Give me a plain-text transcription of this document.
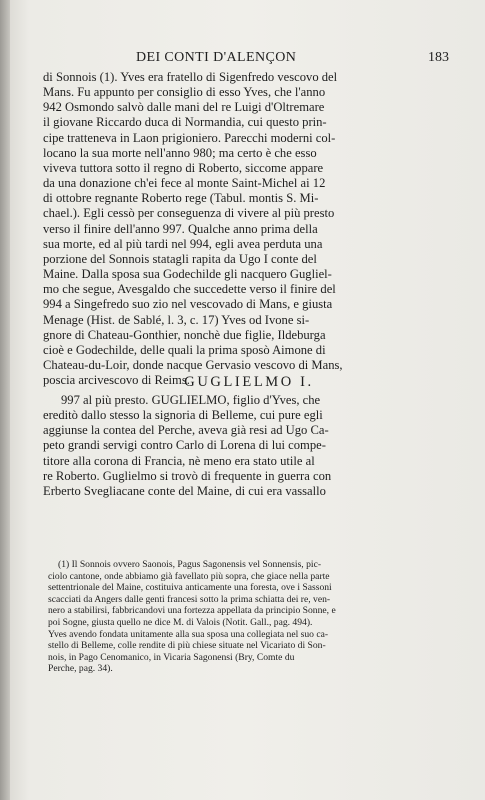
DEI CONTI D'ALENÇON	183
di Sonnois (1). Yves era fratello di Sigenfredo vescovo del
Mans. Fu appunto per consiglio di esso Yves, che l'anno
942 Osmondo salvò dalle mani del re Luigi d'Oltremare
il giovane Riccardo duca di Normandia, cui questo prin-
cipe tratteneva in Laon prigioniero. Parecchi moderni col-
locano la sua morte nell'anno 980; ma certo è che esso
viveva tuttora sotto il regno di Roberto, siccome appare
da una donazione ch'ei fece al monte Saint-Michel ai 12
di ottobre regnante Roberto rege (Tabul. montis S. Mi-
chael.). Egli cessò per conseguenza di vivere al più presto
verso il finire dell'anno 997. Qualche anno prima della
sua morte, ed al più tardi nel 994, egli avea perduta una
porzione del Sonnois statagli rapita da Ugo I conte del
Maine. Dalla sposa sua Godechilde gli nacquero Gugliel-
mo che segue, Avesgaldo che succedette verso il finire del
994 a Singefredo suo zio nel vescovado di Mans, e giusta
Menage (Hist. de Sablé, l. 3, c. 17) Yves od Ivone si-
gnore di Chateau-Gonthier, nonchè due figlie, Ildeburga
cioè e Godechilde, delle quali la prima sposò Aimone di
Chateau-du-Loir, donde nacque Gervasio vescovo di Mans,
poscia arcivescovo di Reims.
GUGLIELMO I.
997 al più presto. GUGLIELMO, figlio d'Yves, che
ereditò dallo stesso la signoria di Belleme, cui pure egli
aggiunse la contea del Perche, aveva già resi ad Ugo Ca-
peto grandi servigi contro Carlo di Lorena di lui compe-
titore alla corona di Francia, nè meno era stato utile al
re Roberto. Guglielmo si trovò di frequente in guerra con
Erberto Svegliacane conte del Maine, di cui era vassallo
(1) Il Sonnois ovvero Saonois, Pagus Sagonensis vel Sonnensis, pic-
ciolo cantone, onde abbiamo già favellato più sopra, che giace nella parte
settentrionale del Maine, costituiva anticamente una foresta, ove i Sassoni
scacciati da Angers dalle genti francesi sotto la prima schiatta dei re, ven-
nero a stabilirsi, fabbricandovi una fortezza appellata da principio Sonne, e
poi Sogne, giusta quello ne dice M. di Valois (Notit. Gall., pag. 494).
Yves avendo fondata unitamente alla sua sposa una collegiata nel suo ca-
stello di Belleme, colle rendite di più chiese situate nel Vicariato di Son-
nois, in Pago Cenomanico, in Vicaria Sagonensi (Bry, Comte du
Perche, pag. 34).
